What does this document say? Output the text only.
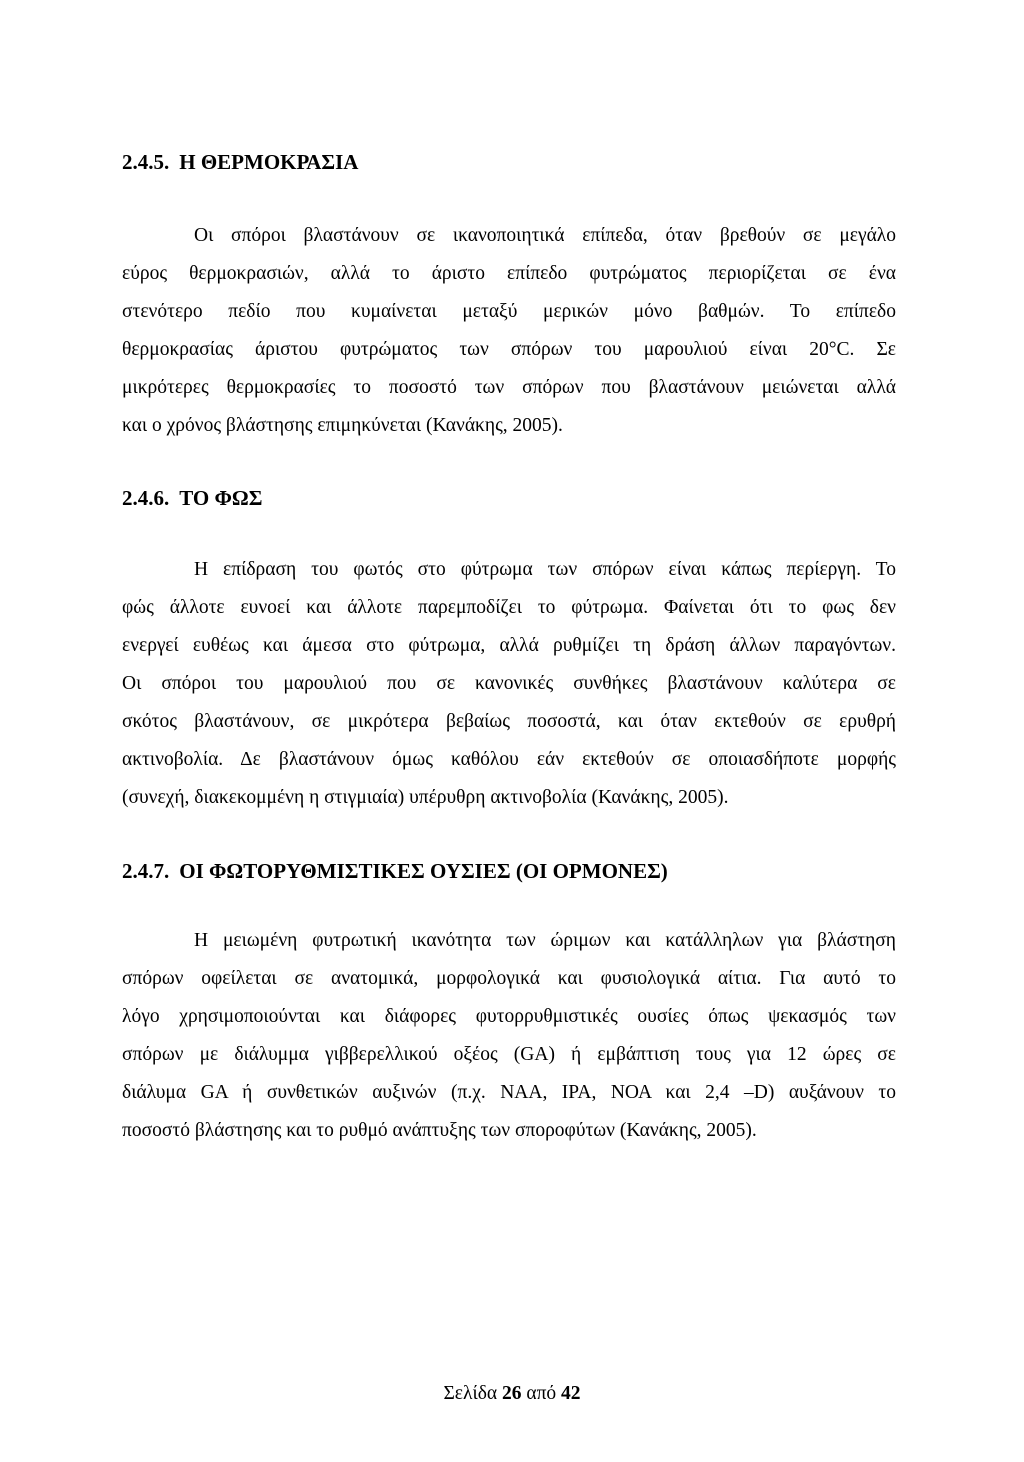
2.4.5. Η ΘΕΡΜΟΚΡΑΣΙΑ
Οι σπόροι βλαστάνουν σε ικανοποιητικά επίπεδα, όταν βρεθούν σε μεγάλο
εύρος θερμοκρασιών, αλλά το άριστο επίπεδο φυτρώματος περιορίζεται σε ένα
στενότερο πεδίο που κυμαίνεται μεταξύ μερικών μόνο βαθμών. Το επίπεδο
θερμοκρασίας άριστου φυτρώματος των σπόρων του μαρουλιού είναι 20°C. Σε
μικρότερες θερμοκρασίες το ποσοστό των σπόρων που βλαστάνουν μειώνεται αλλά
και ο χρόνος βλάστησης επιμηκύνεται (Κανάκης, 2005).
2.4.6. ΤΟ ΦΩΣ
Η επίδραση του φωτός στο φύτρωμα των σπόρων είναι κάπως περίεργη. Το
φώς άλλοτε ευνοεί και άλλοτε παρεμποδίζει το φύτρωμα. Φαίνεται ότι το φως δεν
ενεργεί ευθέως και άμεσα στο φύτρωμα, αλλά ρυθμίζει τη δράση άλλων παραγόντων.
Οι σπόροι του μαρουλιού που σε κανονικές συνθήκες βλαστάνουν καλύτερα σε
σκότος βλαστάνουν, σε μικρότερα βεβαίως ποσοστά, και όταν εκτεθούν σε ερυθρή
ακτινοβολία. Δε βλαστάνουν όμως καθόλου εάν εκτεθούν σε οποιασδήποτε μορφής
(συνεχή, διακεκομμένη η στιγμιαία) υπέρυθρη ακτινοβολία (Κανάκης, 2005).
2.4.7. ΟΙ ΦΩΤΟΡΥΘΜΙΣΤΙΚΕΣ ΟΥΣΙΕΣ (ΟΙ ΟΡΜΟΝΕΣ)
Η μειωμένη φυτρωτική ικανότητα των ώριμων και κατάλληλων για βλάστηση
σπόρων οφείλεται σε ανατομικά, μορφολογικά και φυσιολογικά αίτια. Για αυτό το
λόγο χρησιμοποιούνται και διάφορες φυτορρυθμιστικές ουσίες όπως ψεκασμός των
σπόρων με διάλυμμα γιββερελλικού οξέος (GA) ή εμβάπτιση τους για 12 ώρες σε
διάλυμα GA ή συνθετικών αυξινών (π.χ. ΝΑΑ, ΙΡΑ, ΝΟΑ και 2,4 –D) αυξάνουν το
ποσοστό βλάστησης και το ρυθμό ανάπτυξης των σποροφύτων (Κανάκης, 2005).
Σελίδα 26 από 42
